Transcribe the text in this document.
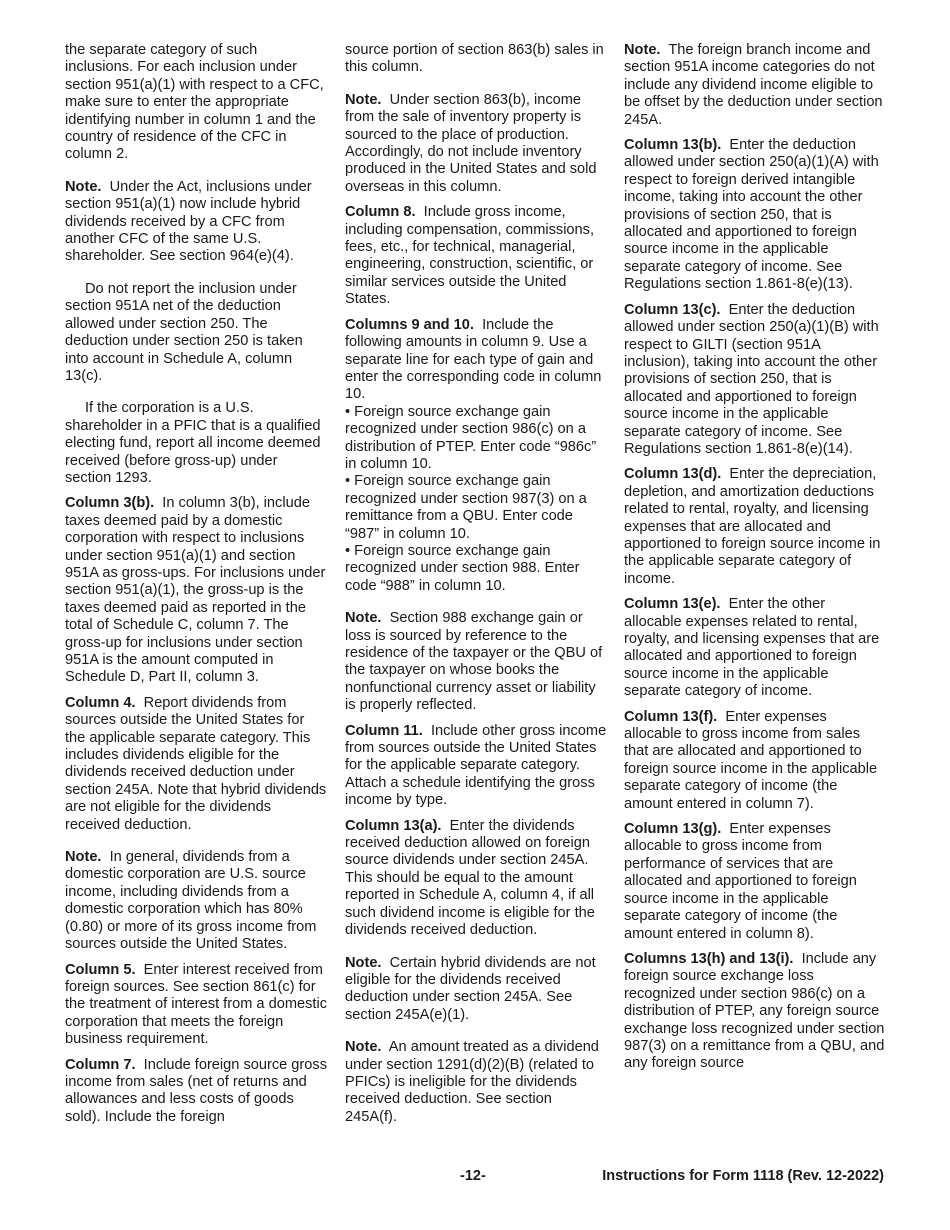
the separate category of such inclusions. For each inclusion under section 951(a)(1) with respect to a CFC, make sure to enter the appropriate identifying number in column 1 and the country of residence of the CFC in column 2.

Note. Under the Act, inclusions under section 951(a)(1) now include hybrid dividends received by a CFC from another CFC of the same U.S. shareholder. See section 964(e)(4).

Do not report the inclusion under section 951A net of the deduction allowed under section 250. The deduction under section 250 is taken into account in Schedule A, column 13(c).

If the corporation is a U.S. shareholder in a PFIC that is a qualified electing fund, report all income deemed received (before gross-up) under section 1293.

Column 3(b). In column 3(b), include taxes deemed paid by a domestic corporation with respect to inclusions under section 951(a)(1) and section 951A as gross-ups. For inclusions under section 951(a)(1), the gross-up is the taxes deemed paid as reported in the total of Schedule C, column 7. The gross-up for inclusions under section 951A is the amount computed in Schedule D, Part II, column 3.

Column 4. Report dividends from sources outside the United States for the applicable separate category. This includes dividends eligible for the dividends received deduction under section 245A. Note that hybrid dividends are not eligible for the dividends received deduction.

Note. In general, dividends from a domestic corporation are U.S. source income, including dividends from a domestic corporation which has 80% (0.80) or more of its gross income from sources outside the United States.

Column 5. Enter interest received from foreign sources. See section 861(c) for the treatment of interest from a domestic corporation that meets the foreign business requirement.

Column 7. Include foreign source gross income from sales (net of returns and allowances and less costs of goods sold). Include the foreign

source portion of section 863(b) sales in this column.

Note. Under section 863(b), income from the sale of inventory property is sourced to the place of production. Accordingly, do not include inventory produced in the United States and sold overseas in this column.

Column 8. Include gross income, including compensation, commissions, fees, etc., for technical, managerial, engineering, construction, scientific, or similar services outside the United States.

Columns 9 and 10. Include the following amounts in column 9. Use a separate line for each type of gain and enter the corresponding code in column 10.

• Foreign source exchange gain recognized under section 986(c) on a distribution of PTEP. Enter code “986c” in column 10.

• Foreign source exchange gain recognized under section 987(3) on a remittance from a QBU. Enter code “987” in column 10.

• Foreign source exchange gain recognized under section 988. Enter code “988” in column 10.

Note. Section 988 exchange gain or loss is sourced by reference to the residence of the taxpayer or the QBU of the taxpayer on whose books the nonfunctional currency asset or liability is properly reflected.

Column 11. Include other gross income from sources outside the United States for the applicable separate category. Attach a schedule identifying the gross income by type.

Column 13(a). Enter the dividends received deduction allowed on foreign source dividends under section 245A. This should be equal to the amount reported in Schedule A, column 4, if all such dividend income is eligible for the dividends received deduction.

Note. Certain hybrid dividends are not eligible for the dividends received deduction under section 245A. See section 245A(e)(1).

Note. An amount treated as a dividend under section 1291(d)(2)(B) (related to PFICs) is ineligible for the dividends received deduction. See section 245A(f).

Note. The foreign branch income and section 951A income categories do not include any dividend income eligible to be offset by the deduction under section 245A.

Column 13(b). Enter the deduction allowed under section 250(a)(1)(A) with respect to foreign derived intangible income, taking into account the other provisions of section 250, that is allocated and apportioned to foreign source income in the applicable separate category of income. See Regulations section 1.861-8(e)(13).

Column 13(c). Enter the deduction allowed under section 250(a)(1)(B) with respect to GILTI (section 951A inclusion), taking into account the other provisions of section 250, that is allocated and apportioned to foreign source income in the applicable separate category of income. See Regulations section 1.861-8(e)(14).

Column 13(d). Enter the depreciation, depletion, and amortization deductions related to rental, royalty, and licensing expenses that are allocated and apportioned to foreign source income in the applicable separate category of income.

Column 13(e). Enter the other allocable expenses related to rental, royalty, and licensing expenses that are allocated and apportioned to foreign source income in the applicable separate category of income.

Column 13(f). Enter expenses allocable to gross income from sales that are allocated and apportioned to foreign source income in the applicable separate category of income (the amount entered in column 7).

Column 13(g). Enter expenses allocable to gross income from performance of services that are allocated and apportioned to foreign source income in the applicable separate category of income (the amount entered in column 8).

Columns 13(h) and 13(i). Include any foreign source exchange loss recognized under section 986(c) on a distribution of PTEP, any foreign source exchange loss recognized under section 987(3) on a remittance from a QBU, and any foreign source

-12-	Instructions for Form 1118 (Rev. 12-2022)
